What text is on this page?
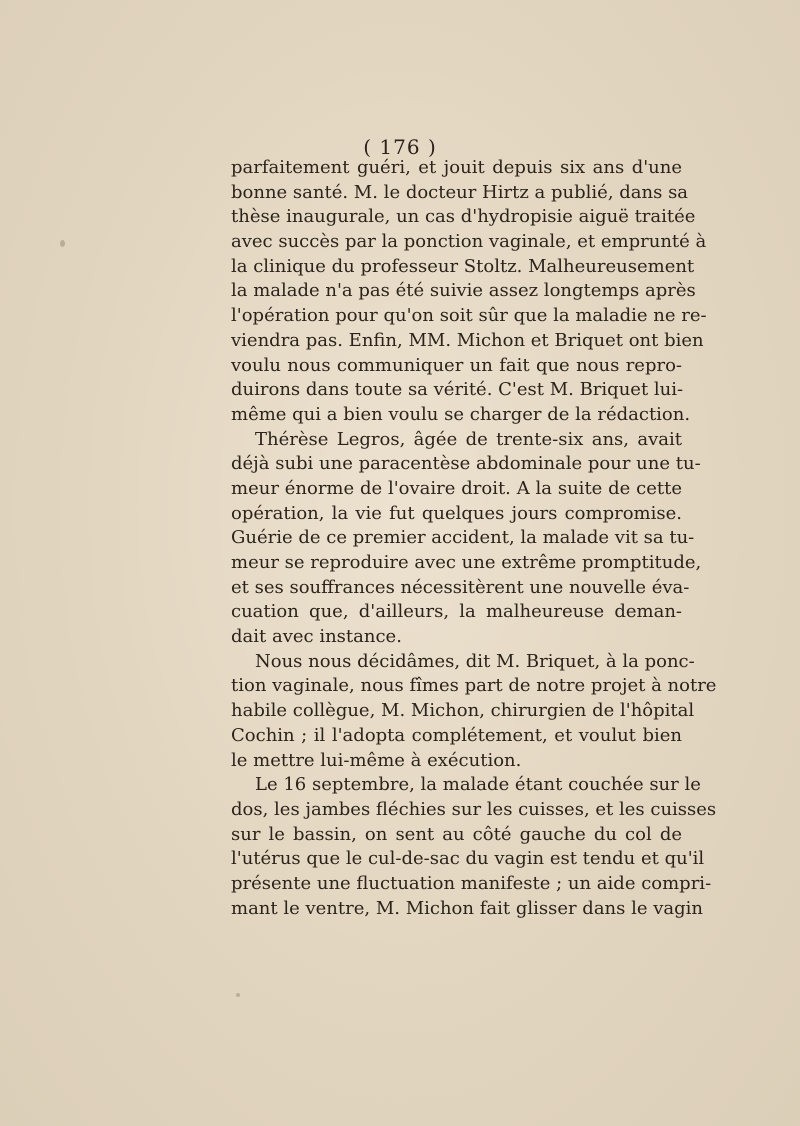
( 176 )
parfaitement guéri, et jouit depuis six ans d'une
bonne santé. M. le docteur Hirtz a publié, dans sa
thèse inaugurale, un cas d'hydropisie aiguë traitée
avec succès par la ponction vaginale, et emprunté à
la clinique du professeur Stoltz. Malheureusement
la malade n'a pas été suivie assez longtemps après
l'opération pour qu'on soit sûr que la maladie ne re-
viendra pas. Enfin, MM. Michon et Briquet ont bien
voulu nous communiquer un fait que nous repro-
duirons dans toute sa vérité. C'est M. Briquet lui-
même qui a bien voulu se charger de la rédaction.
Thérèse Legros, âgée de trente-six ans, avait
déjà subi une paracentèse abdominale pour une tu-
meur énorme de l'ovaire droit. A la suite de cette
opération, la vie fut quelques jours compromise.
Guérie de ce premier accident, la malade vit sa tu-
meur se reproduire avec une extrême promptitude,
et ses souffrances nécessitèrent une nouvelle éva-
cuation que, d'ailleurs, la malheureuse deman-
dait avec instance.
Nous nous décidâmes, dit M. Briquet, à la ponc-
tion vaginale, nous fîmes part de notre projet à notre
habile collègue, M. Michon, chirurgien de l'hôpital
Cochin ; il l'adopta complétement, et voulut bien
le mettre lui-même à exécution.
Le 16 septembre, la malade étant couchée sur le
dos, les jambes fléchies sur les cuisses, et les cuisses
sur le bassin, on sent au côté gauche du col de
l'utérus que le cul-de-sac du vagin est tendu et qu'il
présente une fluctuation manifeste ; un aide compri-
mant le ventre, M. Michon fait glisser dans le vagin
